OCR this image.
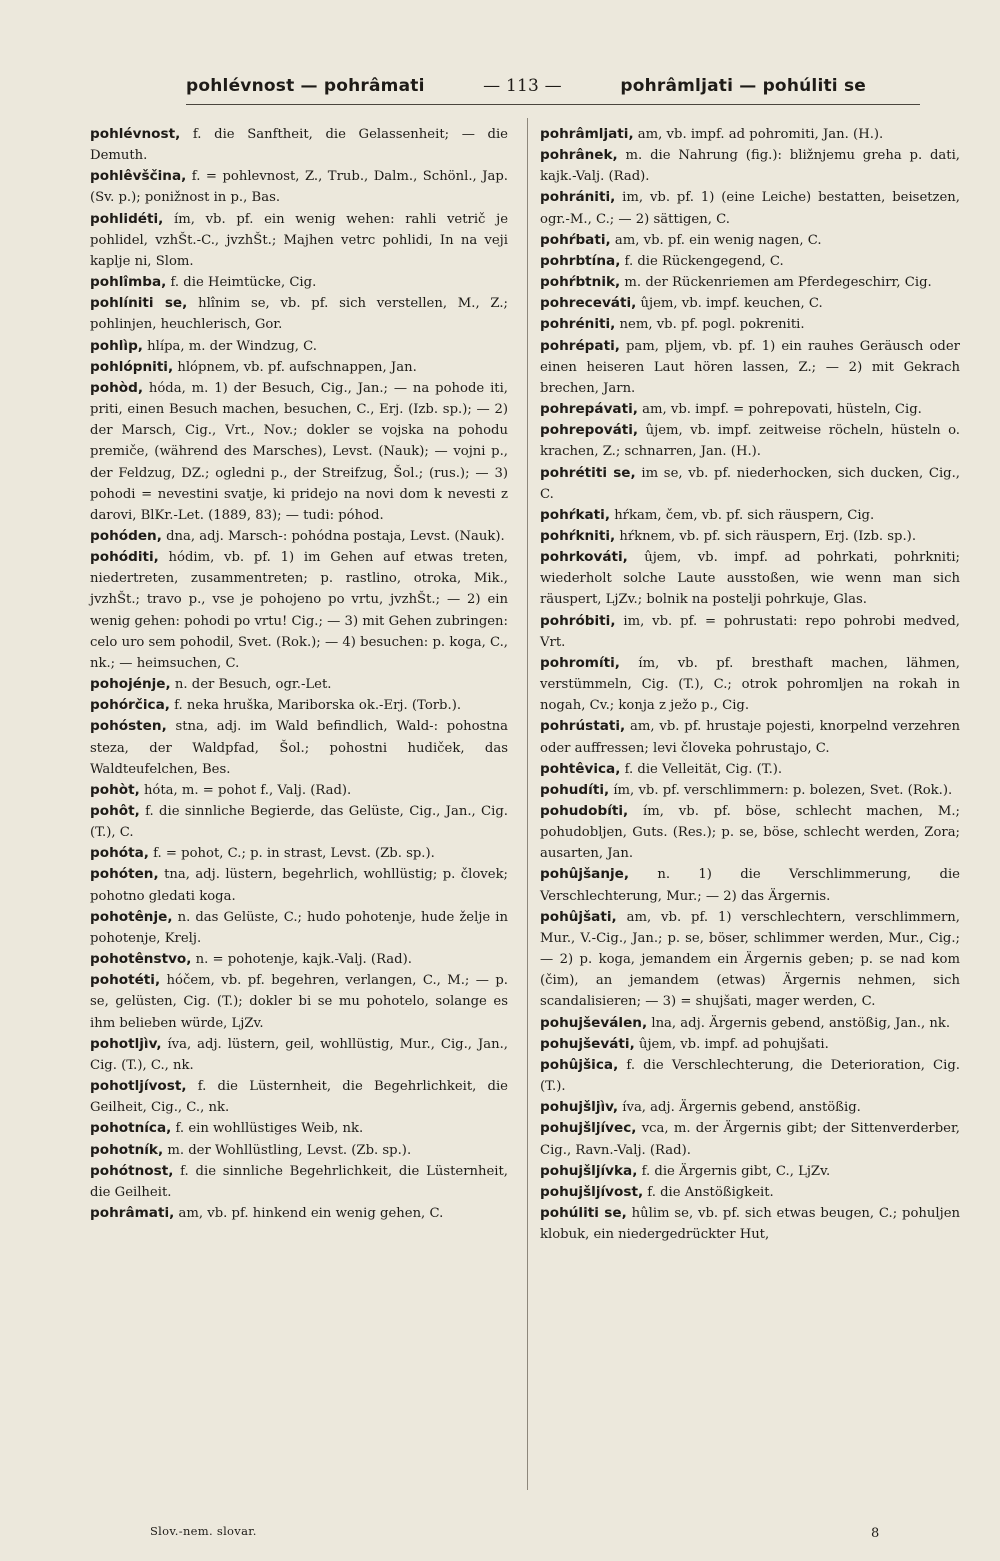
pohlévnost — pohrâmati	— 113 —	pohrâmljati — pohúliti se

pohlévnost, f. die Sanftheit, die Gelassenheit; — die Demuth.

pohlêvščina, f. = pohlevnost, Z., Trub., Dalm., Schönl., Jap. (Sv. p.); ponižnost in p., Bas.

pohlidéti, ím, vb. pf. ein wenig wehen: rahli vetrič je pohlidel, vzhŠt.-C., jvzhŠt.; Majhen vetrc pohlidi, In na veji kaplje ni, Slom.

pohlîmba, f. die Heimtücke, Cig.

pohlíniti se, hlînim se, vb. pf. sich verstellen, M., Z.; pohlinjen, heuchlerisch, Gor.

pohlìp, hlípa, m. der Windzug, C.

pohlópniti, hlópnem, vb. pf. aufschnappen, Jan.

pohòd, hóda, m. 1) der Besuch, Cig., Jan.; — na pohode iti, priti, einen Besuch machen, besuchen, C., Erj. (Izb. sp.); — 2) der Marsch, Cig., Vrt., Nov.; dokler se vojska na pohodu premiče, (während des Marsches), Levst. (Nauk); — vojni p., der Feldzug, DZ.; ogledni p., der Streifzug, Šol.; (rus.); — 3) pohodi = nevestini svatje, ki pridejo na novi dom k nevesti z darovi, BlKr.-Let. (1889, 83); — tudi: póhod.

pohóden, dna, adj. Marsch-: pohódna postaja, Levst. (Nauk).

pohóditi, hódim, vb. pf. 1) im Gehen auf etwas treten, niedertreten, zusammentreten; p. rastlino, otroka, Mik., jvzhŠt.; travo p., vse je pohojeno po vrtu, jvzhŠt.; — 2) ein wenig gehen: pohodi po vrtu! Cig.; — 3) mit Gehen zubringen: celo uro sem pohodil, Svet. (Rok.); — 4) besuchen: p. koga, C., nk.; — heimsuchen, C.

pohojénje, n. der Besuch, ogr.-Let.

pohórčica, f. neka hruška, Mariborska ok.-Erj. (Torb.).

pohósten, stna, adj. im Wald befindlich, Wald-: pohostna steza, der Waldpfad, Šol.; pohostni hudiček, das Waldteufelchen, Bes.

pohòt, hóta, m. = pohot f., Valj. (Rad).

pohôt, f. die sinnliche Begierde, das Gelüste, Cig., Jan., Cig. (T.), C.

pohóta, f. = pohot, C.; p. in strast, Levst. (Zb. sp.).

pohóten, tna, adj. lüstern, begehrlich, wohllüstig; p. človek; pohotno gledati koga.

pohotênje, n. das Gelüste, C.; hudo pohotenje, hude želje in pohotenje, Krelj.

pohotênstvo, n. = pohotenje, kajk.-Valj. (Rad).

pohotéti, hóčem, vb. pf. begehren, verlangen, C., M.; — p. se, gelüsten, Cig. (T.); dokler bi se mu pohotelo, solange es ihm belieben würde, LjZv.

pohotljìv, íva, adj. lüstern, geil, wohllüstig, Mur., Cig., Jan., Cig. (T.), C., nk.

pohotljívost, f. die Lüsternheit, die Begehrlichkeit, die Geilheit, Cig., C., nk.

pohotníca, f. ein wohllüstiges Weib, nk.

pohotník, m. der Wohllüstling, Levst. (Zb. sp.).

pohótnost, f. die sinnliche Begehrlichkeit, die Lüsternheit, die Geilheit.

pohrâmati, am, vb. pf. hinkend ein wenig gehen, C.

pohrâmljati, am, vb. impf. ad pohromiti, Jan. (H.).

pohrânek, m. die Nahrung (fig.): bližnjemu greha p. dati, kajk.-Valj. (Rad).

pohrániti, im, vb. pf. 1) (eine Leiche) bestatten, beisetzen, ogr.-M., C.; — 2) sättigen, C.

pohŕbati, am, vb. pf. ein wenig nagen, C.

pohrbtína, f. die Rückengegend, C.

pohŕbtnik, m. der Rückenriemen am Pferdegeschirr, Cig.

pohreceváti, ûjem, vb. impf. keuchen, C.

pohréniti, nem, vb. pf. pogl. pokreniti.

pohrépati, pam, pljem, vb. pf. 1) ein rauhes Geräusch oder einen heiseren Laut hören lassen, Z.; — 2) mit Gekrach brechen, Jarn.

pohrepávati, am, vb. impf. = pohrepovati, hüsteln, Cig.

pohrepováti, ûjem, vb. impf. zeitweise röcheln, hüsteln o. krachen, Z.; schnarren, Jan. (H.).

pohrétiti se, im se, vb. pf. niederhocken, sich ducken, Cig., C.

pohŕkati, hŕkam, čem, vb. pf. sich räuspern, Cig.

pohŕkniti, hŕknem, vb. pf. sich räuspern, Erj. (Izb. sp.).

pohrkováti, ûjem, vb. impf. ad pohrkati, pohrkniti; wiederholt solche Laute ausstoßen, wie wenn man sich räuspert, LjZv.; bolnik na postelji pohrkuje, Glas.

pohróbiti, im, vb. pf. = pohrustati: repo pohrobi medved, Vrt.

pohromíti, ím, vb. pf. bresthaft machen, lähmen, verstümmeln, Cig. (T.), C.; otrok pohromljen na rokah in nogah, Cv.; konja z ježo p., Cig.

pohrústati, am, vb. pf. hrustaje pojesti, knorpelnd verzehren oder auffressen; levi človeka pohrustajo, C.

pohtêvica, f. die Velleität, Cig. (T.).

pohudíti, ím, vb. pf. verschlimmern: p. bolezen, Svet. (Rok.).

pohudobíti, ím, vb. pf. böse, schlecht machen, M.; pohudobljen, Guts. (Res.); p. se, böse, schlecht werden, Zora; ausarten, Jan.

pohûjšanje, n. 1) die Verschlimmerung, die Verschlechterung, Mur.; — 2) das Ärgernis.

pohûjšati, am, vb. pf. 1) verschlechtern, verschlimmern, Mur., V.-Cig., Jan.; p. se, böser, schlimmer werden, Mur., Cig.; — 2) p. koga, jemandem ein Ärgernis geben; p. se nad kom (čim), an jemandem (etwas) Ärgernis nehmen, sich scandalisieren; — 3) = shujšati, mager werden, C.

pohujševálen, lna, adj. Ärgernis gebend, anstößig, Jan., nk.

pohujševáti, ûjem, vb. impf. ad pohujšati.

pohûjšica, f. die Verschlechterung, die Deterioration, Cig. (T.).

pohujšljìv, íva, adj. Ärgernis gebend, anstößig.

pohujšljívec, vca, m. der Ärgernis gibt; der Sittenverderber, Cig., Ravn.-Valj. (Rad).

pohujšljívka, f. die Ärgernis gibt, C., LjZv.

pohujšljívost, f. die Anstößigkeit.

pohúliti se, hûlim se, vb. pf. sich etwas beugen, C.; pohuljen klobuk, ein niedergedrückter Hut,

Slov.-nem. slovar.	8
